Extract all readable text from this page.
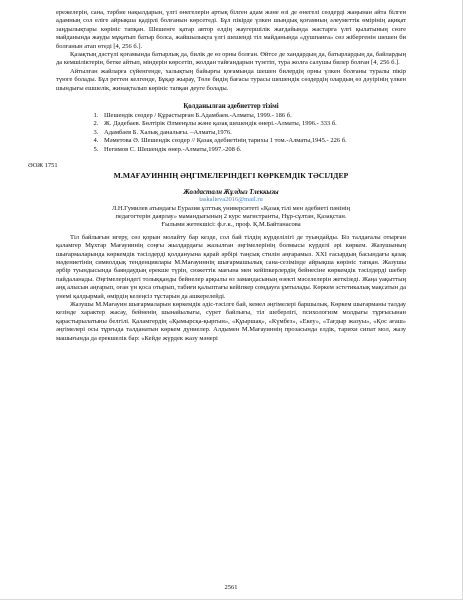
ережелерін, сана, тәрбие нақылдарын, үлгі өнегелерін артық білген адам және өзі де өнегелі сөздерді жаңынан айта білген адамның сол еліге айрықша қадірлі болғанын көрсетеді. Бұл пікірде үлкен шындық қоғамның әлеуметтік өмірінің ақиқат заңдылықтары көрініс тапқан. Шешенге қатар автор елдің жаугершілік жағдайында жастарға үлгі қылатының сөзге майданында жауды мұқатып батыр болса, жайшылықта үлгі шешенді тіл майданында «душпанға» сөз жібергенін шешен би болғанын атап өтеді [4, 256 б.].

Қазақтың дәстүлі қоғамында батырлық да, билік де өз орны болған. Өйтсе де хандардың да, батырлардың да, байлардың да кемшіліктерін, бетке айтып, міндерін көрсетіп, жолдан тайғандарын түзетіп, тура жолға салушы билер болған [4, 256 б.].

Айтылған жайларға сүйенгенде, халықтың байырғы қоғамында шешен билердің орны үлкен болғаны туралы пікір түюге болады. Бұл реттен келгенде, Бұқар жырау, Төле бидің бағасы турасы шешендік сөздердің олардың өз дәуірінің үлкен шындығы ешшелік, жинақталып көрініс тапқан деуге болады.

Қолданылған әдебиеттер тізімі

1. Шешендік сөздер / Құрастырған Б.Адамбаев.-Алматы, 1999.- 186 б.
2. Ж. Дәдебаев. Бөлтірік Әлменұлы және қазақ шешендік өнері.-Алматы, 1996.- 333 б.
3. Адамбаев Б. Халық даналығы. –Алматы,1976.
4. Мәметова Ә. Шешендік сөздер // Қазақ әдебиетінің тарихы 1 том.-Алматы,1945.- 226 б.
5. Негимов С. Шешендік өнер.-Алматы,1997.-208 б.

ӘОЖ 1751

М.МАҒАУИННІҢ ӘҢГІМЕЛЕРІНДЕГІ КӨРКЕМДІК ТӘСІЛДЕР

Жолдасталн Жұлдыз Тлеккызы

taskalieva2016@mail.ru

Л.Н.Гумилев атындағы Еуразия ұлттық университеті «Қазақ тілі мен әдебиеті пәнінің
педагогтерін даярлау» мамандығының 2 курс магистранты, Нұр-сұлтан, Қазақстан.
Ғылыми жетекшісі: ф.ғ.к., проф. Қ.М.Байтанасова

Тіл байлығын игеру, сөз қорын молайту бар кезде, сол бай тілдің күрделілігі де туындайды. Біз талдағалы отырған қаламгер Мұхтар Мағауиннің соңғы жылдардағы жазылған әңгімелерінің болмысы күрделі әрі көркем. Жазушының шығармаларында көркемдік тәсілдерді қолдануына қарай әрбірі таңсық стилін аңғарамыз. XXI ғасырдың басындағы қазақ мәдениетінің символдық тенденциялары М.Мағауиннің шығармашылық сана-сезімінде айрықша көрініс тапқан. Жазушы әрбір туындысында баяндаудың ерекше түрін, сюжеттік мағына мен кейіпкерлердің бейнесіне көркемдік тәсілдерді шебер пайдаланады. Әңгімелеріндегі толыққанды бейнелер арқылы өз замандасының өзекті мәселелерін жеткізеді. Жаңа уақыттың аңқ алысын аңғарып, оған үн қоса отырып, табиғи қалыптағы кейіпкер сомдауға ұмтылады. Көркем эстетикалық мақсатын да үнемі қалдырмай, өмірдің келеңсіз тұстарын да ашкерелейді.

Жазушы М.Мағауин шығармаларын көркемдік әдіс-тәсілге бай, кемел әңгімелері баршылық. Көркем шығарманы талдау кезінде характер жасау, бейненің шынайылығы, сурет байлығы, тіл шеберлігі, психологизм молдығы тұрғысынан қарастырылатыны белгілі. Қаламгердің «Қымырсқа-қыргын», «Құыршақ», «Күмбез», «Екеу», «Тағдыр жазуы», «Қос ағаш» әңгімелері осы тұрғыда талданатын көркем дүниелер. Алдымен М.Мағауиннің прозасында елдік, тарихи сипат мол, жазу машығында да ерекшелік бар: «Кейде жүрдек жазу мәнері

2561
